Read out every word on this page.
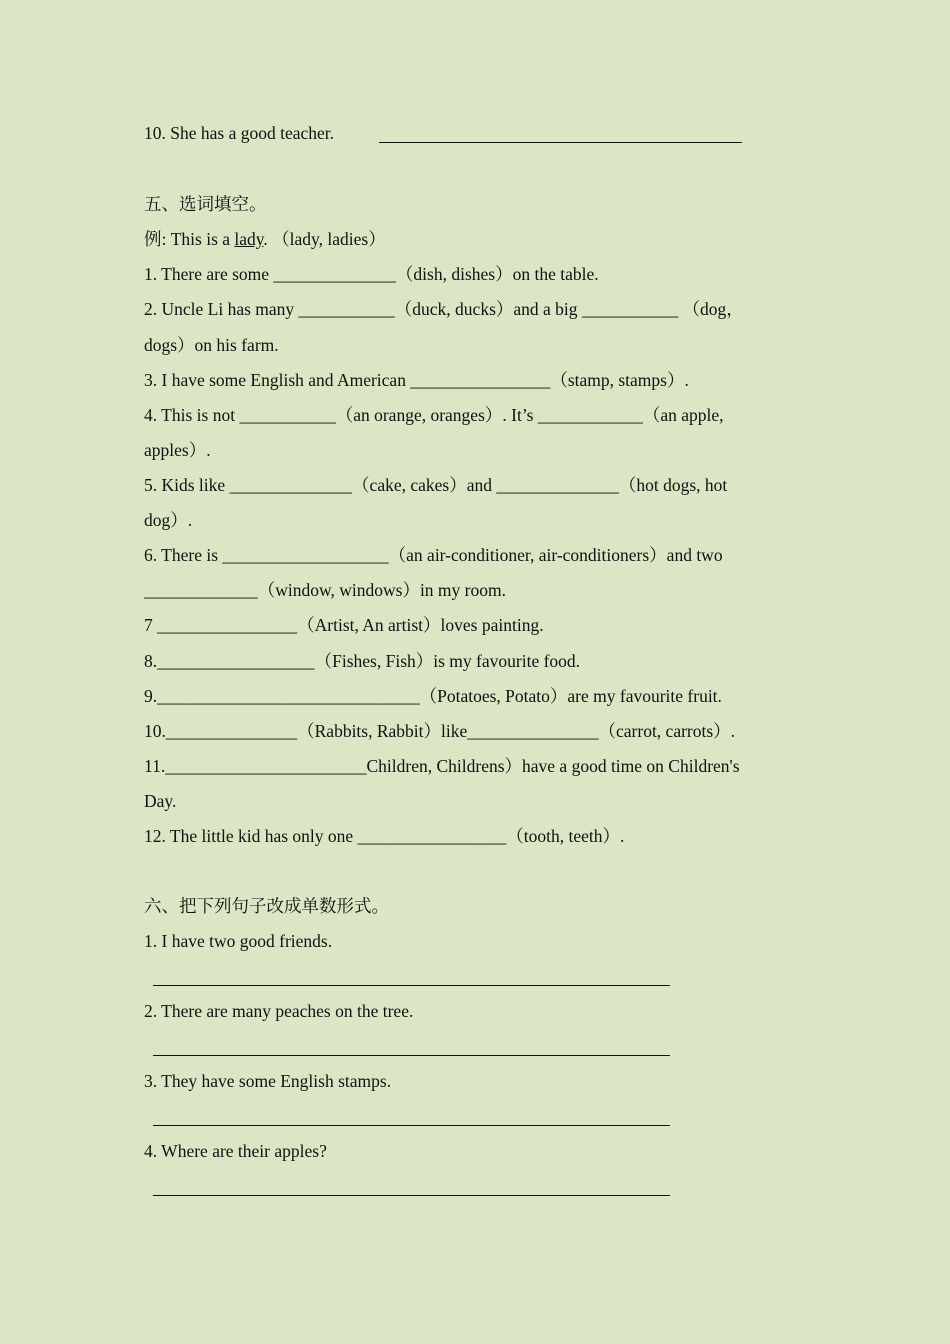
10. She has a good teacher.
五、选词填空。
例: This is a lady. （lady, ladies）
1. There are some ______________（dish, dishes）on the table.
2. Uncle Li has many ___________（duck, ducks）and a big ___________ （dog，
dogs）on his farm.
3. I have some English and American ________________（stamp, stamps）.
4. This is not ___________（an orange, oranges）. It’s ____________（an apple,
apples）.
5. Kids like ______________（cake, cakes）and ______________（hot dogs, hot
dog）.
6. There is ___________________（an air-conditioner, air-conditioners）and two
_____________（window, windows）in my room.
7 ________________（Artist, An artist）loves painting.
8.__________________（Fishes, Fish）is my favourite food.
9.______________________________（Potatoes, Potato）are my favourite fruit.
10._______________（Rabbits, Rabbit）like_______________（carrot, carrots）.
11._______________________Children, Childrens）have a good time on Children's
Day.
12. The little kid has only one _________________（tooth, teeth）.
六、把下列句子改成单数形式。
1. I have two good friends.
2. There are many peaches on the tree.
3. They have some English stamps.
4. Where are their apples?
